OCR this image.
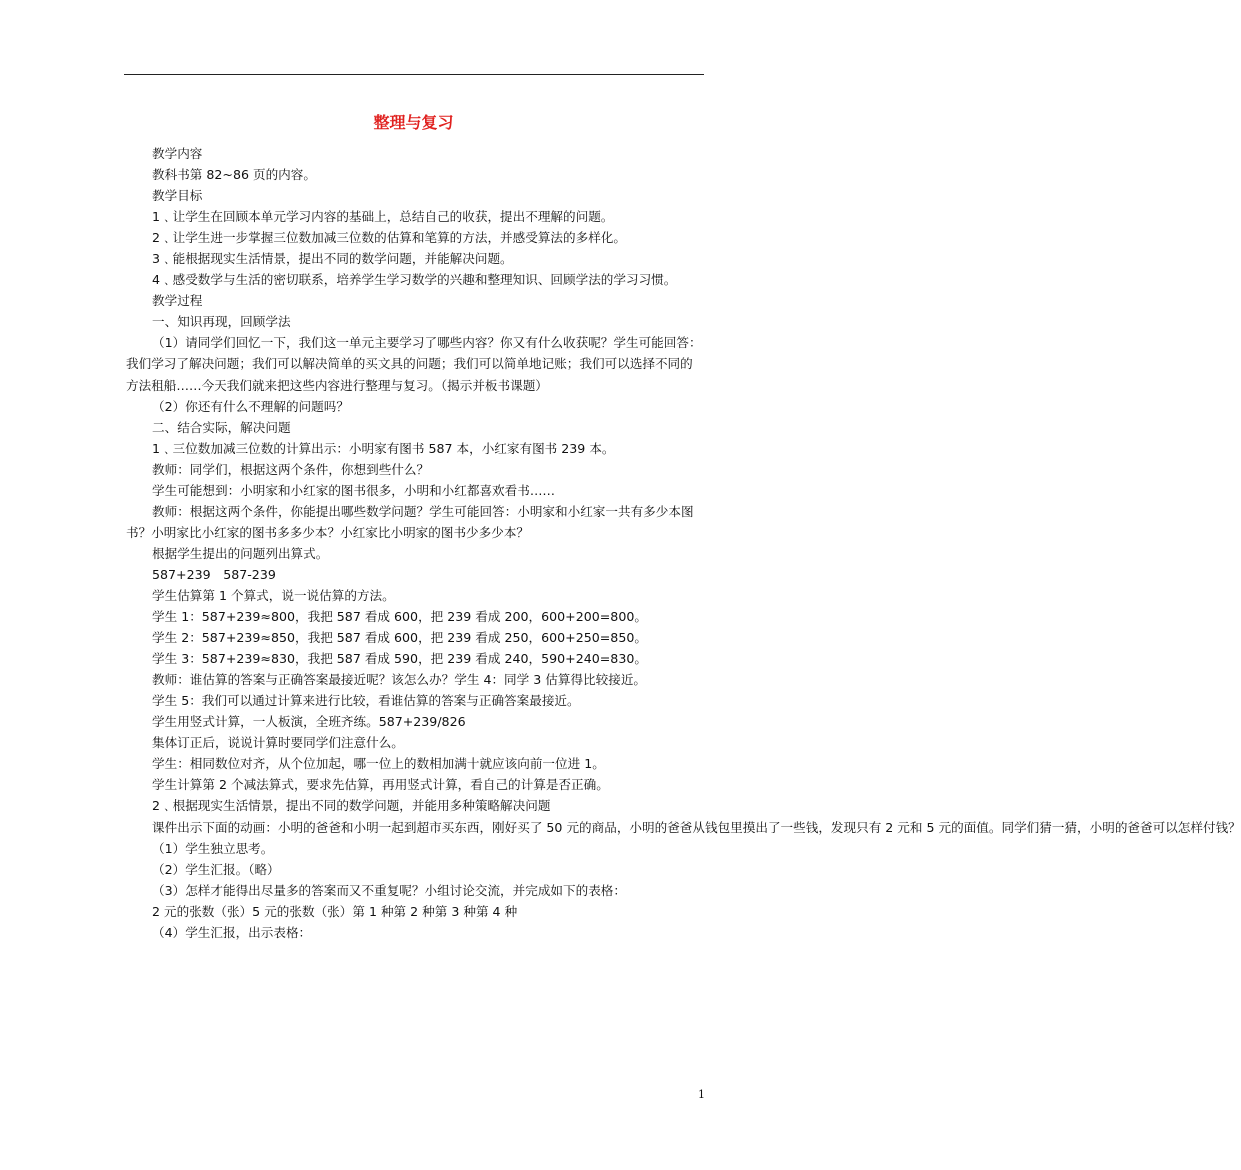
整理与复习

教学内容

教科书第 82~86 页的内容。

教学目标

1﹑让学生在回顾本单元学习内容的基础上，总结自己的收获，提出不理解的问题。

2﹑让学生进一步掌握三位数加减三位数的估算和笔算的方法，并感受算法的多样化。

3﹑能根据现实生活情景，提出不同的数学问题，并能解决问题。

4﹑感受数学与生活的密切联系，培养学生学习数学的兴趣和整理知识、回顾学法的学习习惯。

教学过程

一、知识再现，回顾学法

（1）请同学们回忆一下，我们这一单元主要学习了哪些内容？你又有什么收获呢？学生可能回答：我们学习了解决问题；我们可以解决简单的买文具的问题；我们可以简单地记账；我们可以选择不同的方法租船……今天我们就来把这些内容进行整理与复习。（揭示并板书课题）

（2）你还有什么不理解的问题吗？

二、结合实际，解决问题

1﹑三位数加减三位数的计算出示：小明家有图书 587 本，小红家有图书 239 本。

教师：同学们，根据这两个条件，你想到些什么？

学生可能想到：小明家和小红家的图书很多，小明和小红都喜欢看书……

教师：根据这两个条件，你能提出哪些数学问题？学生可能回答：小明家和小红家一共有多少本图书？小明家比小红家的图书多多少本？小红家比小明家的图书少多少本？

根据学生提出的问题列出算式。

587+239　587-239

学生估算第 1 个算式，说一说估算的方法。

学生 1：587+239≈800，我把 587 看成 600，把 239 看成 200，600+200=800。

学生 2：587+239≈850，我把 587 看成 600，把 239 看成 250，600+250=850。

学生 3：587+239≈830，我把 587 看成 590，把 239 看成 240，590+240=830。

教师：谁估算的答案与正确答案最接近呢？该怎么办？学生 4：同学 3 估算得比较接近。

学生 5：我们可以通过计算来进行比较，看谁估算的答案与正确答案最接近。

学生用竖式计算，一人板演，全班齐练。587+239/826

集体订正后，说说计算时要同学们注意什么。

学生：相同数位对齐，从个位加起，哪一位上的数相加满十就应该向前一位进 1。

学生计算第 2 个减法算式，要求先估算，再用竖式计算，看自己的计算是否正确。

2﹑根据现实生活情景，提出不同的数学问题，并能用多种策略解决问题

课件出示下面的动画：小明的爸爸和小明一起到超市买东西，刚好买了 50 元的商品，小明的爸爸从钱包里摸出了一些钱，发现只有 2 元和 5 元的面值。同学们猜一猜，小明的爸爸可以怎样付钱？

（1）学生独立思考。

（2）学生汇报。（略）

（3）怎样才能得出尽量多的答案而又不重复呢？小组讨论交流，并完成如下的表格：

2 元的张数（张）5 元的张数（张）第 1 种第 2 种第 3 种第 4 种

（4）学生汇报，出示表格：

1
